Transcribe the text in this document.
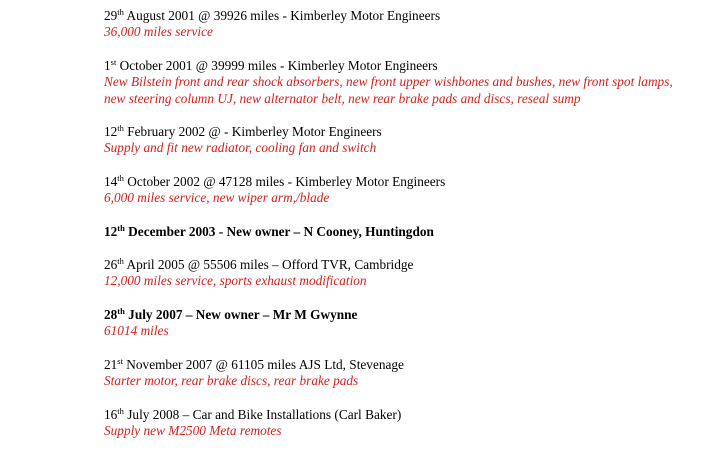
29th August 2001 @ 39926 miles - Kimberley Motor Engineers
36,000 miles service
1st October 2001 @ 39999 miles - Kimberley Motor Engineers
New Bilstein front and rear shock absorbers, new front upper wishbones and bushes, new front spot lamps, new steering column UJ, new alternator belt, new rear brake pads and discs, reseal sump
12th February 2002 @ - Kimberley Motor Engineers
Supply and fit new radiator, cooling fan and switch
14th October 2002 @ 47128 miles - Kimberley Motor Engineers
6,000 miles service, new wiper arm,/blade
12th December 2003 - New owner – N Cooney, Huntingdon
26th April 2005 @ 55506 miles – Offord TVR, Cambridge
12,000 miles service, sports exhaust modification
28th July 2007 – New owner – Mr M Gwynne
61014 miles
21st November 2007 @ 61105 miles AJS Ltd, Stevenage
Starter motor, rear brake discs, rear brake pads
16th July 2008 – Car and Bike Installations (Carl Baker)
Supply new M2500 Meta remotes
